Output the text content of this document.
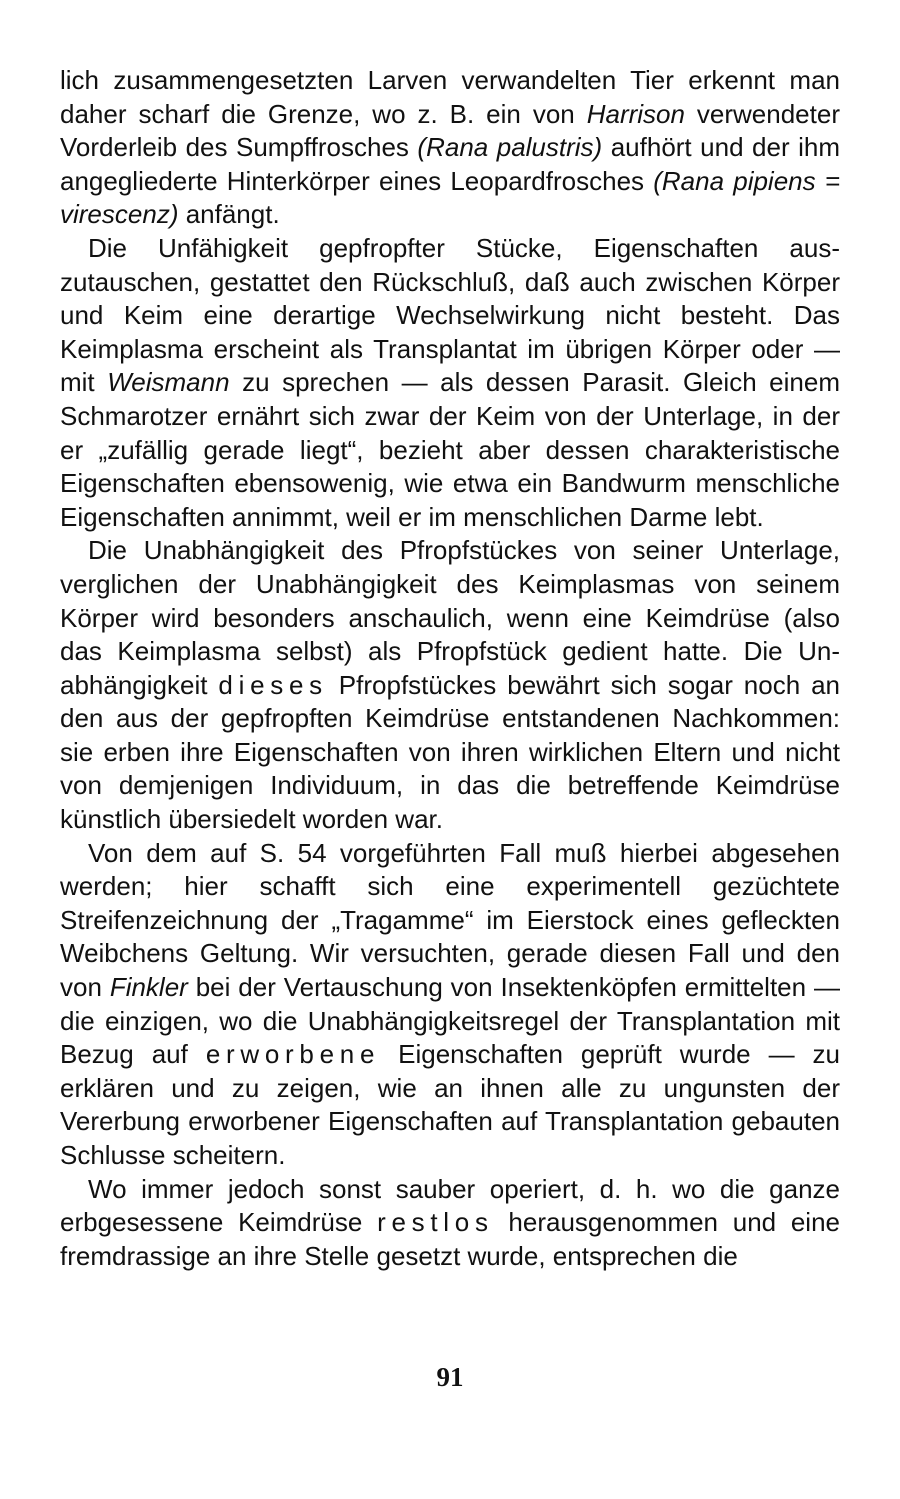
lich zusammengesetzten Larven verwandelten Tier erkennt man daher scharf die Grenze, wo z. B. ein von Harrison verwendeter Vorderleib des Sumpffrosches (Rana palustris) aufhört und der ihm angegliederte Hinterkörper eines Leopardfrosches (Rana pipiens = virescenz) anfängt.

Die Unfähigkeit gepfropfter Stücke, Eigenschaften auszutauschen, gestattet den Rückschluß, daß auch zwischen Körper und Keim eine derartige Wechselwirkung nicht besteht. Das Keimplasma erscheint als Transplantat im übrigen Körper oder — mit Weismann zu sprechen — als dessen Parasit. Gleich einem Schmarotzer ernährt sich zwar der Keim von der Unterlage, in der er „zufällig gerade liegt“, bezieht aber dessen charakteristische Eigenschaften ebensowenig, wie etwa ein Bandwurm menschliche Eigenschaften annimmt, weil er im menschlichen Darme lebt.

Die Unabhängigkeit des Pfropfstückes von seiner Unterlage, verglichen der Unabhängigkeit des Keimplasmas von seinem Körper wird besonders anschaulich, wenn eine Keimdrüse (also das Keimplasma selbst) als Pfropfstück gedient hatte. Die Unabhängigkeit dieses Pfropfstückes bewährt sich sogar noch an den aus der gepfropften Keimdrüse entstandenen Nachkommen: sie erben ihre Eigenschaften von ihren wirklichen Eltern und nicht von demjenigen Individuum, in das die betreffende Keimdrüse künstlich übersiedelt worden war.

Von dem auf S. 54 vorgeführten Fall muß hierbei abgesehen werden; hier schafft sich eine experimentell gezüchtete Streifenzeichnung der „Tragamme“ im Eierstock eines gefleckten Weibchens Geltung. Wir versuchten, gerade diesen Fall und den von Finkler bei der Vertauschung von Insektenköpfen ermittelten — die einzigen, wo die Unabhängigkeitsregel der Transplantation mit Bezug auf erworbene Eigenschaften geprüft wurde — zu erklären und zu zeigen, wie an ihnen alle zu ungunsten der Vererbung erworbener Eigenschaften auf Transplantation gebauten Schlusse scheitern.

Wo immer jedoch sonst sauber operiert, d. h. wo die ganze erbgesessene Keimdrüse restlos herausgenommen und eine fremdrassige an ihre Stelle gesetzt wurde, entsprechen die

91
